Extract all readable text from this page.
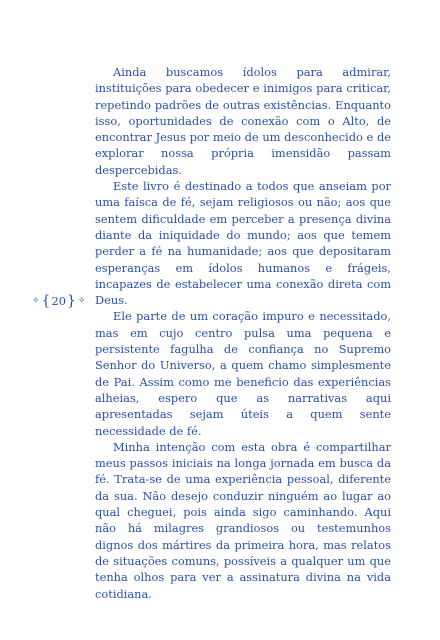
✧ { 20 } ✧

Ainda buscamos ídolos para admirar, instituições para obedecer e inimigos para criticar, repetindo padrões de outras existências. Enquanto isso, oportunidades de conexão com o Alto, de encontrar Jesus por meio de um desconhecido e de explorar nossa própria imensidão passam despercebidas.

Este livro é destinado a todos que anseiam por uma faísca de fé, sejam religiosos ou não; aos que sentem dificuldade em perceber a presença divina diante da iniquidade do mundo; aos que temem perder a fé na humanidade; aos que depositaram esperanças em ídolos humanos e frágeis, incapazes de estabelecer uma conexão direta com Deus.

Ele parte de um coração impuro e necessitado, mas em cujo centro pulsa uma pequena e persistente fagulha de confiança no Supremo Senhor do Universo, a quem chamo simplesmente de Pai. Assim como me beneficio das experiências alheias, espero que as narrativas aqui apresentadas sejam úteis a quem sente necessidade de fé.

Minha intenção com esta obra é compartilhar meus passos iniciais na longa jornada em busca da fé. Trata-se de uma experiência pessoal, diferente da sua. Não desejo conduzir ninguém ao lugar ao qual cheguei, pois ainda sigo caminhando. Aqui não há milagres grandiosos ou testemunhos dignos dos mártires da primeira hora, mas relatos de situações comuns, possíveis a qualquer um que tenha olhos para ver a assinatura divina na vida cotidiana.
